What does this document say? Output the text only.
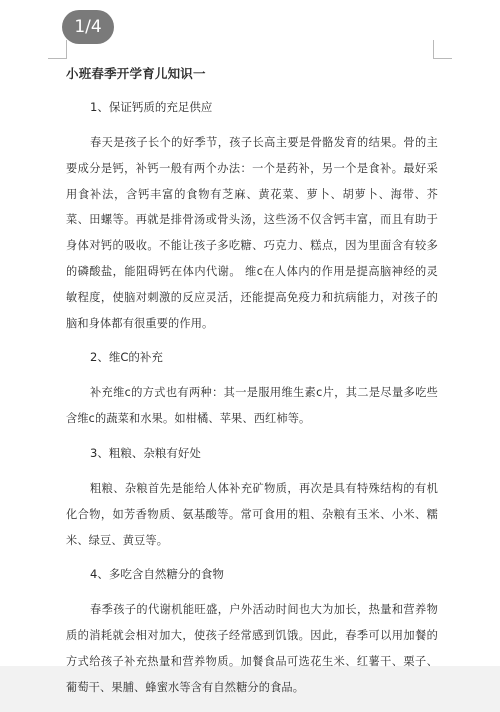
小班春季开学育儿知识一
1、保证钙质的充足供应
春天是孩子长个的好季节，孩子长高主要是骨骼发育的结果。骨的主要成分是钙，补钙一般有两个办法：一个是药补，另一个是食补。最好采用食补法，含钙丰富的食物有芝麻、黄花菜、萝卜、胡萝卜、海带、芥菜、田螺等。再就是排骨汤或骨头汤，这些汤不仅含钙丰富，而且有助于身体对钙的吸收。不能让孩子多吃糖、巧克力、糕点，因为里面含有较多的磷酸盐，能阻碍钙在体内代谢。 维c在人体内的作用是提高脑神经的灵敏程度，使脑对刺激的反应灵活，还能提高免疫力和抗病能力，对孩子的脑和身体都有很重要的作用。
2、维C的补充
补充维c的方式也有两种：其一是服用维生素c片，其二是尽量多吃些含维c的蔬菜和水果。如柑橘、苹果、西红柿等。
3、粗粮、杂粮有好处
粗粮、杂粮首先是能给人体补充矿物质，再次是具有特殊结构的有机化合物，如芳香物质、氨基酸等。常可食用的粗、杂粮有玉米、小米、糯米、绿豆、黄豆等。
4、多吃含自然糖分的食物
春季孩子的代谢机能旺盛，户外活动时间也大为加长，热量和营养物质的消耗就会相对加大，使孩子经常感到饥饿。因此，春季可以用加餐的方式给孩子补充热量和营养物质。加餐食品可选花生米、红薯干、栗子、葡萄干、果脯、蜂蜜水等含有自然糖分的食品。
1/4
